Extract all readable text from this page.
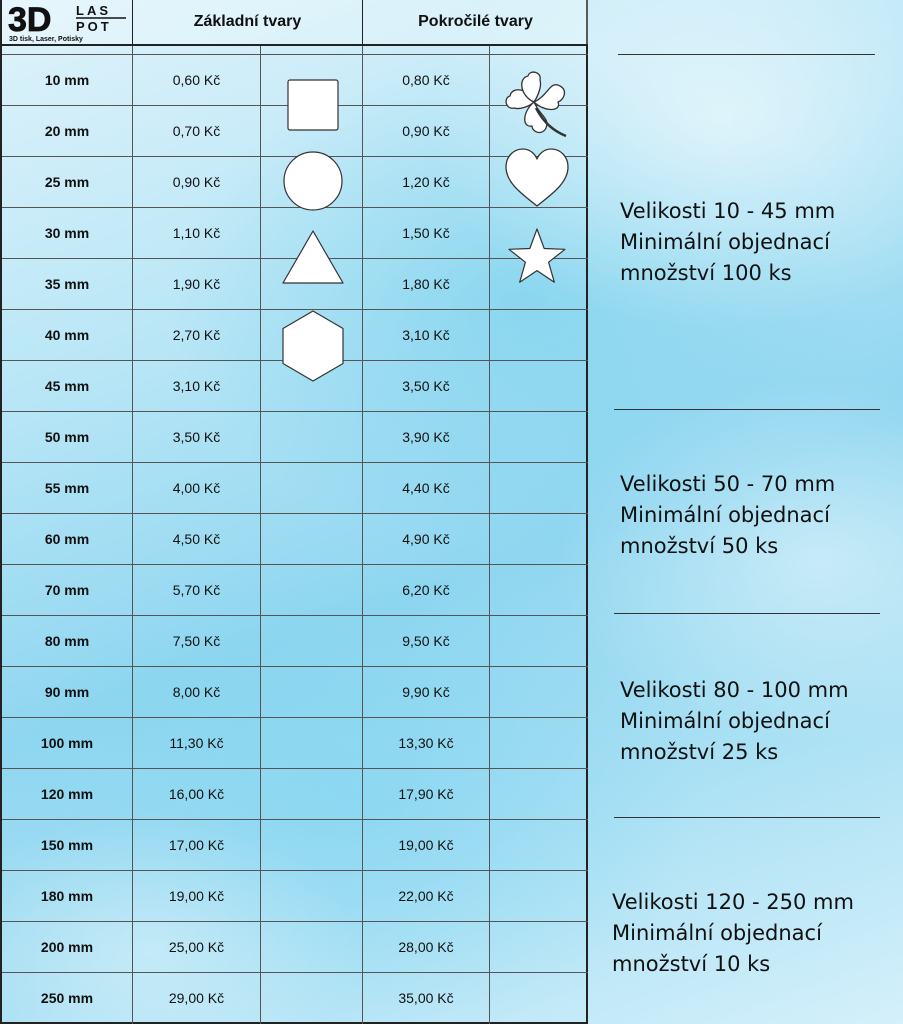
3D LAS
POT
3D tisk, Laser, Potisky
Základní tvary	Pokročilé tvary
10 mm	0,60 Kč	0,80 Kč
20 mm	0,70 Kč	0,90 Kč
25 mm	0,90 Kč	1,20 Kč
30 mm	1,10 Kč	1,50 Kč
35 mm	1,90 Kč	1,80 Kč
40 mm	2,70 Kč	3,10 Kč
45 mm	3,10 Kč	3,50 Kč
50 mm	3,50 Kč	3,90 Kč
55 mm	4,00 Kč	4,40 Kč
60 mm	4,50 Kč	4,90 Kč
70 mm	5,70 Kč	6,20 Kč
80 mm	7,50 Kč	9,50 Kč
90 mm	8,00 Kč	9,90 Kč
100 mm	11,30 Kč	13,30 Kč
120 mm	16,00 Kč	17,90 Kč
150 mm	17,00 Kč	19,00 Kč
180 mm	19,00 Kč	22,00 Kč
200 mm	25,00 Kč	28,00 Kč
250 mm	29,00 Kč	35,00 Kč
Velikosti 10 - 45 mm
Minimální objednací
množství 100 ks
Velikosti 50 - 70 mm
Minimální objednací
množství 50 ks
Velikosti 80 - 100 mm
Minimální objednací
množství 25 ks
Velikosti 120 - 250 mm
Minimální objednací
množství 10 ks
